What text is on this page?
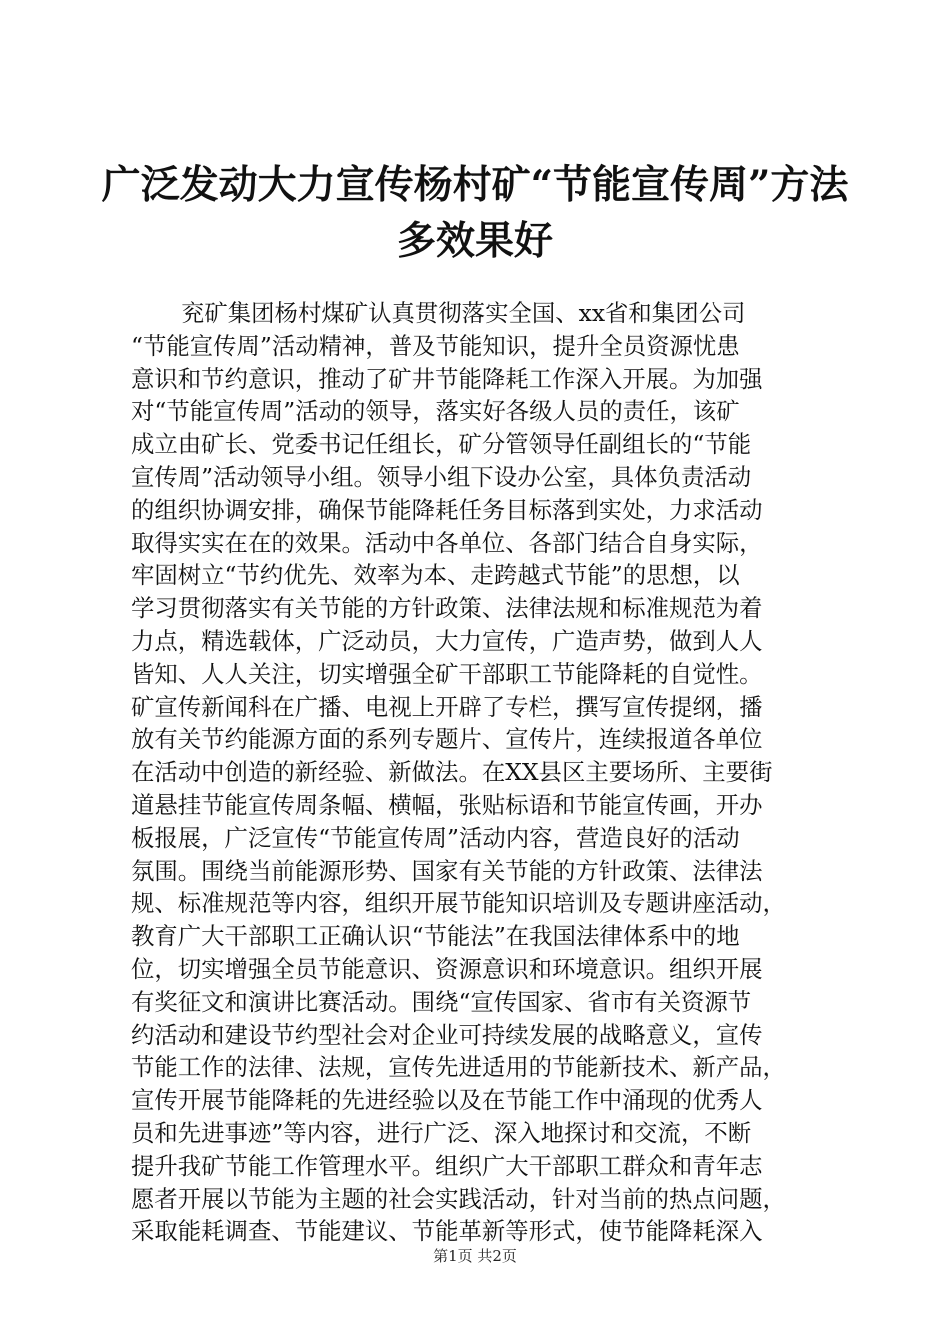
广泛发动大力宣传杨村矿“节能宣传周”方法
多效果好
兖矿集团杨村煤矿认真贯彻落实全国、xx省和集团公司
“节能宣传周”活动精神，普及节能知识，提升全员资源忧患
意识和节约意识，推动了矿井节能降耗工作深入开展。为加强
对“节能宣传周”活动的领导，落实好各级人员的责任，该矿
成立由矿长、党委书记任组长，矿分管领导任副组长的“节能
宣传周”活动领导小组。领导小组下设办公室，具体负责活动
的组织协调安排，确保节能降耗任务目标落到实处，力求活动
取得实实在在的效果。活动中各单位、各部门结合自身实际，
牢固树立“节约优先、效率为本、走跨越式节能”的思想，以
学习贯彻落实有关节能的方针政策、法律法规和标准规范为着
力点，精选载体，广泛动员，大力宣传，广造声势，做到人人
皆知、人人关注，切实增强全矿干部职工节能降耗的自觉性。
矿宣传新闻科在广播、电视上开辟了专栏，撰写宣传提纲，播
放有关节约能源方面的系列专题片、宣传片，连续报道各单位
在活动中创造的新经验、新做法。在XX县区主要场所、主要街
道悬挂节能宣传周条幅、横幅，张贴标语和节能宣传画，开办
板报展，广泛宣传“节能宣传周”活动内容，营造良好的活动
氛围。围绕当前能源形势、国家有关节能的方针政策、法律法
规、标准规范等内容，组织开展节能知识培训及专题讲座活动，
教育广大干部职工正确认识“节能法”在我国法律体系中的地
位，切实增强全员节能意识、资源意识和环境意识。组织开展
有奖征文和演讲比赛活动。围绕“宣传国家、省市有关资源节
约活动和建设节约型社会对企业可持续发展的战略意义，宣传
节能工作的法律、法规，宣传先进适用的节能新技术、新产品，
宣传开展节能降耗的先进经验以及在节能工作中涌现的优秀人
员和先进事迹”等内容，进行广泛、深入地探讨和交流，不断
提升我矿节能工作管理水平。组织广大干部职工群众和青年志
愿者开展以节能为主题的社会实践活动，针对当前的热点问题，
采取能耗调查、节能建议、节能革新等形式，使节能降耗深入
第1页 共2页
